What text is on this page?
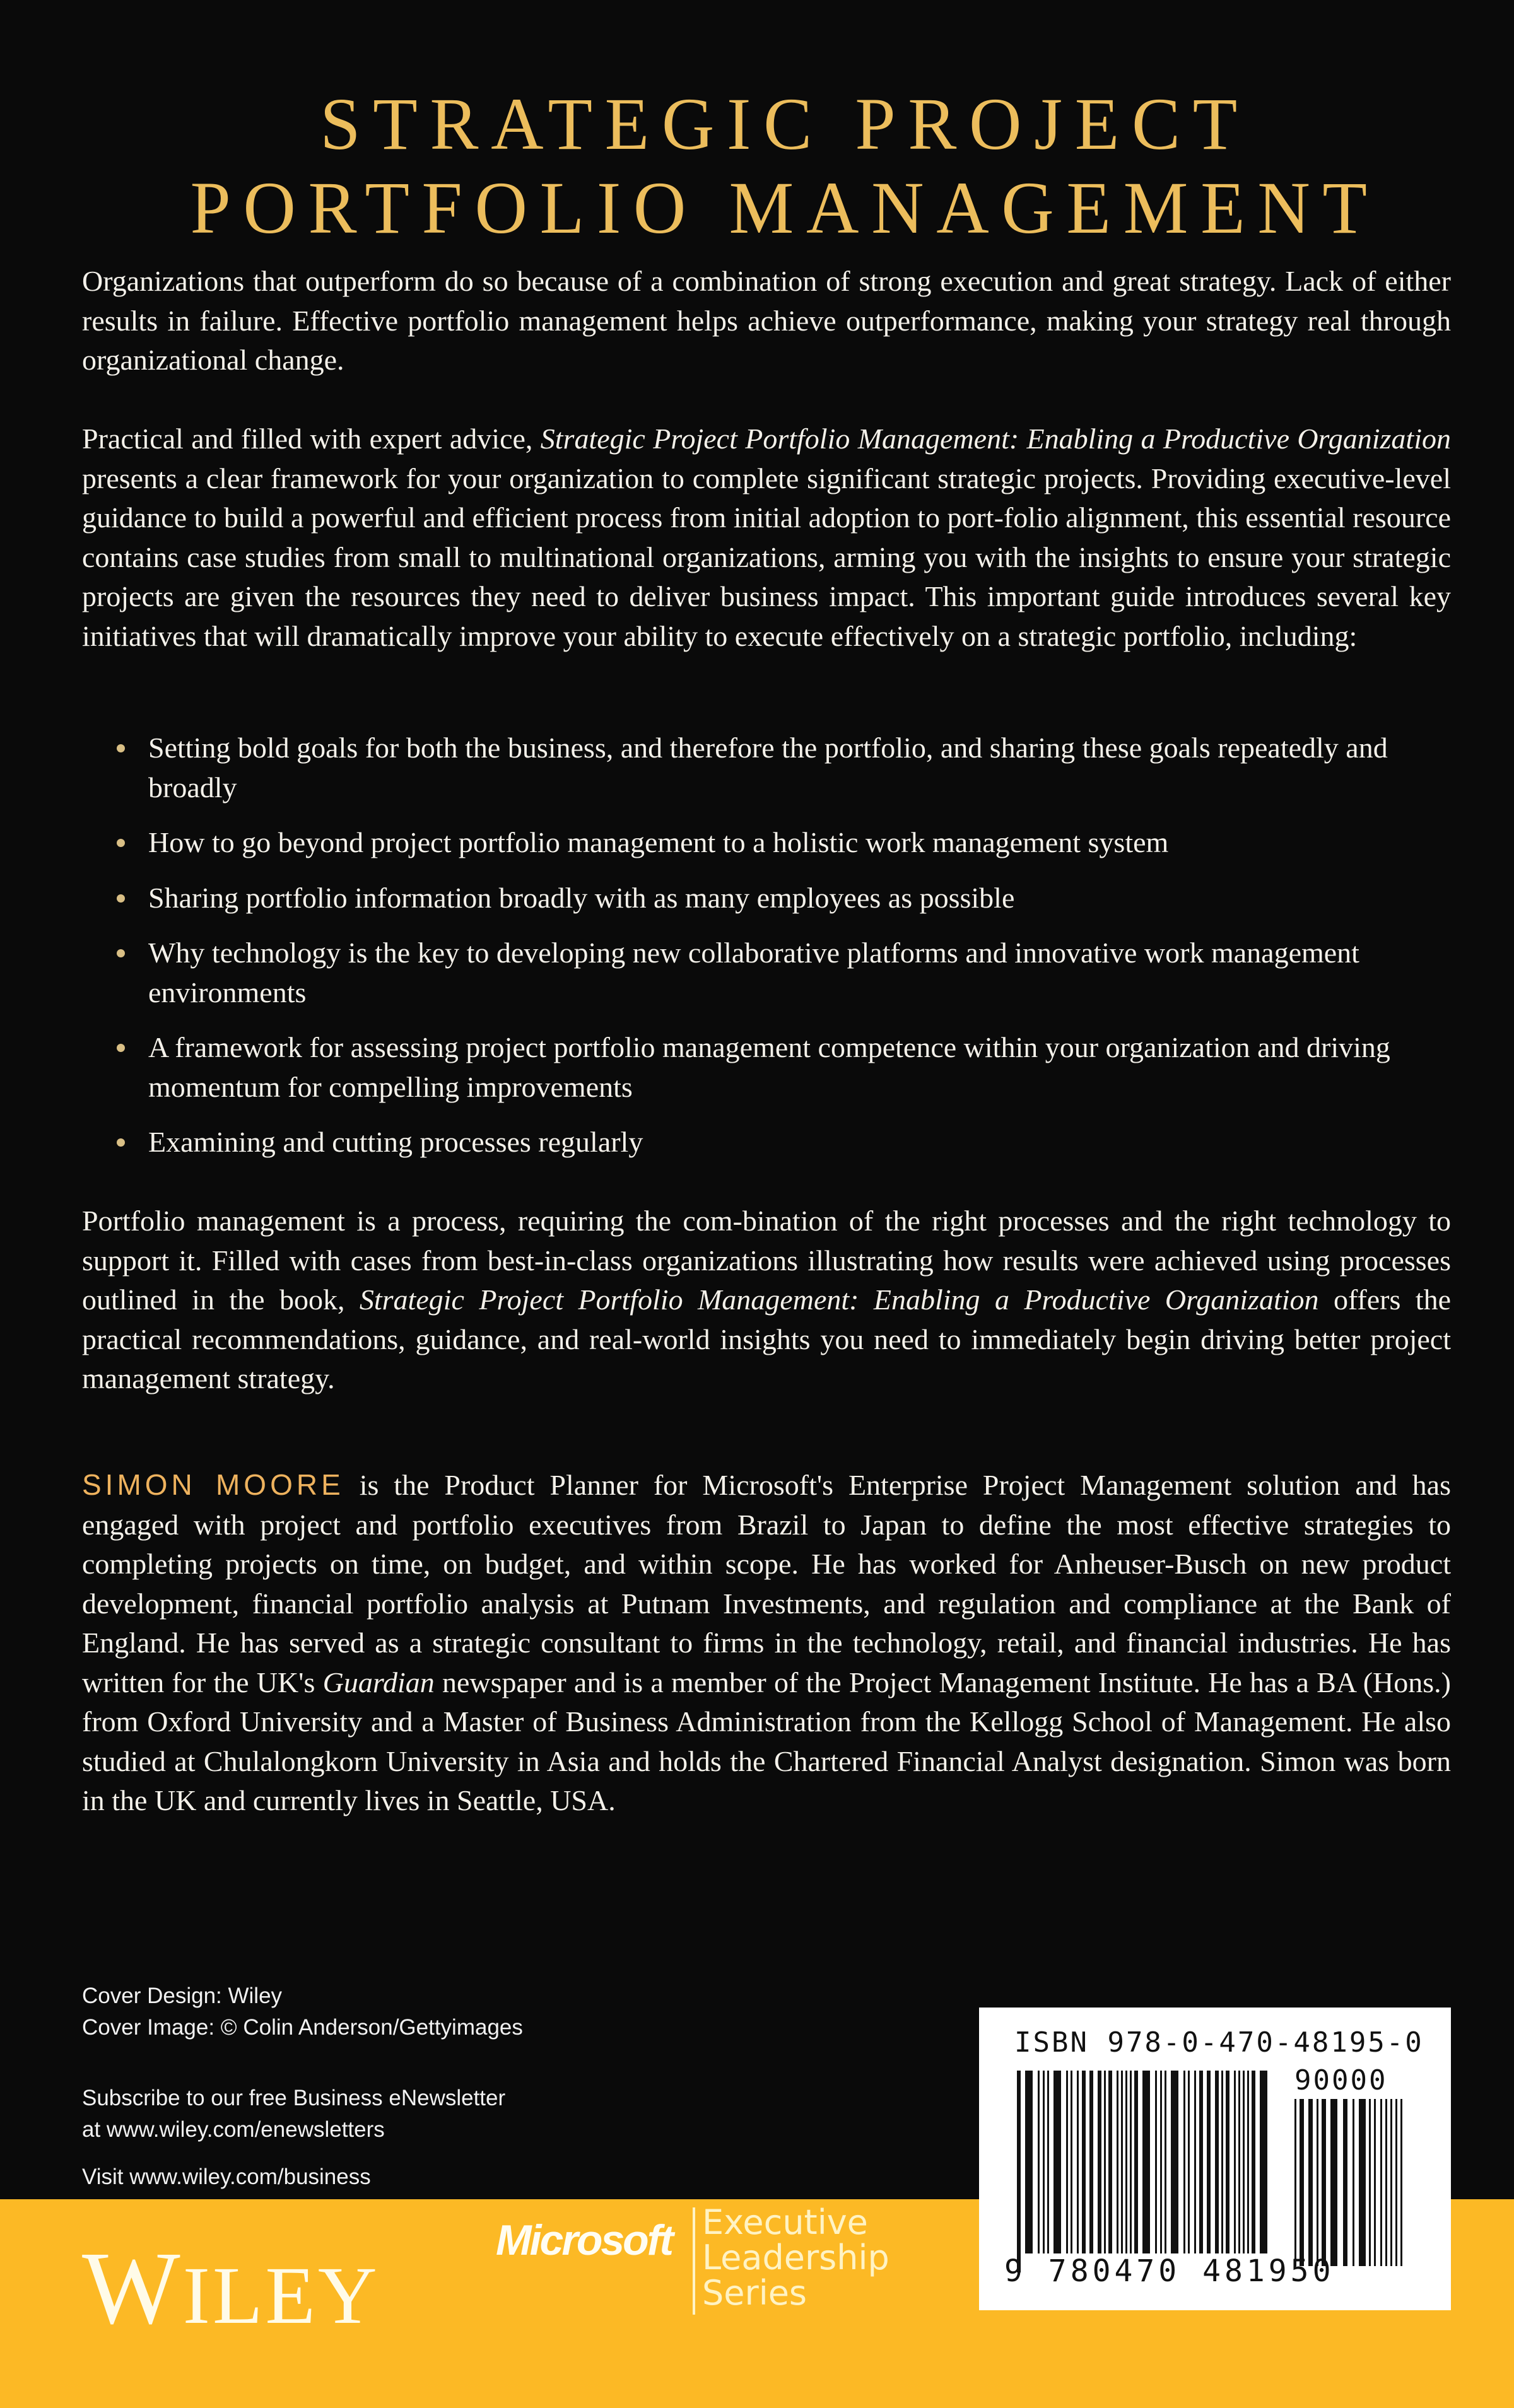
STRATEGIC PROJECT
PORTFOLIO MANAGEMENT

Organizations that outperform do so because of a combination of strong execution and great strategy. Lack of either results in failure. Effective portfolio management helps achieve outperformance, making your strategy real through organizational change.

Practical and filled with expert advice, Strategic Project Portfolio Management: Enabling a Productive Organization presents a clear framework for your organization to complete significant strategic projects. Providing executive-level guidance to build a powerful and efficient process from initial adoption to port-folio alignment, this essential resource contains case studies from small to multinational organizations, arming you with the insights to ensure your strategic projects are given the resources they need to deliver business impact. This important guide introduces several key initiatives that will dramatically improve your ability to execute effectively on a strategic portfolio, including:

Setting bold goals for both the business, and therefore the portfolio, and sharing these goals repeatedly and broadly
How to go beyond project portfolio management to a holistic work management system
Sharing portfolio information broadly with as many employees as possible
Why technology is the key to developing new collaborative platforms and innovative work management environments
A framework for assessing project portfolio management competence within your organization and driving momentum for compelling improvements
Examining and cutting processes regularly

Portfolio management is a process, requiring the com-bination of the right processes and the right technology to support it. Filled with cases from best-in-class organizations illustrating how results were achieved using processes outlined in the book, Strategic Project Portfolio Management: Enabling a Productive Organization offers the practical recommendations, guidance, and real-world insights you need to immediately begin driving better project management strategy.

SIMON MOORE is the Product Planner for Microsoft's Enterprise Project Management solution and has engaged with project and portfolio executives from Brazil to Japan to define the most effective strategies to completing projects on time, on budget, and within scope. He has worked for Anheuser-Busch on new product development, financial portfolio analysis at Putnam Investments, and regulation and compliance at the Bank of England. He has served as a strategic consultant to firms in the technology, retail, and financial industries. He has written for the UK's Guardian newspaper and is a member of the Project Management Institute. He has a BA (Hons.) from Oxford University and a Master of Business Administration from the Kellogg School of Management. He also studied at Chulalongkorn University in Asia and holds the Chartered Financial Analyst designation. Simon was born in the UK and currently lives in Seattle, USA.

Cover Design: Wiley
Cover Image: © Colin Anderson/Gettyimages
Subscribe to our free Business eNewsletter
at www.wiley.com/enewsletters
Visit www.wiley.com/business
WILEY
Microsoft Executive
Leadership
Series
ISBN 978-0-470-48195-0
90000
9 780470 481950
